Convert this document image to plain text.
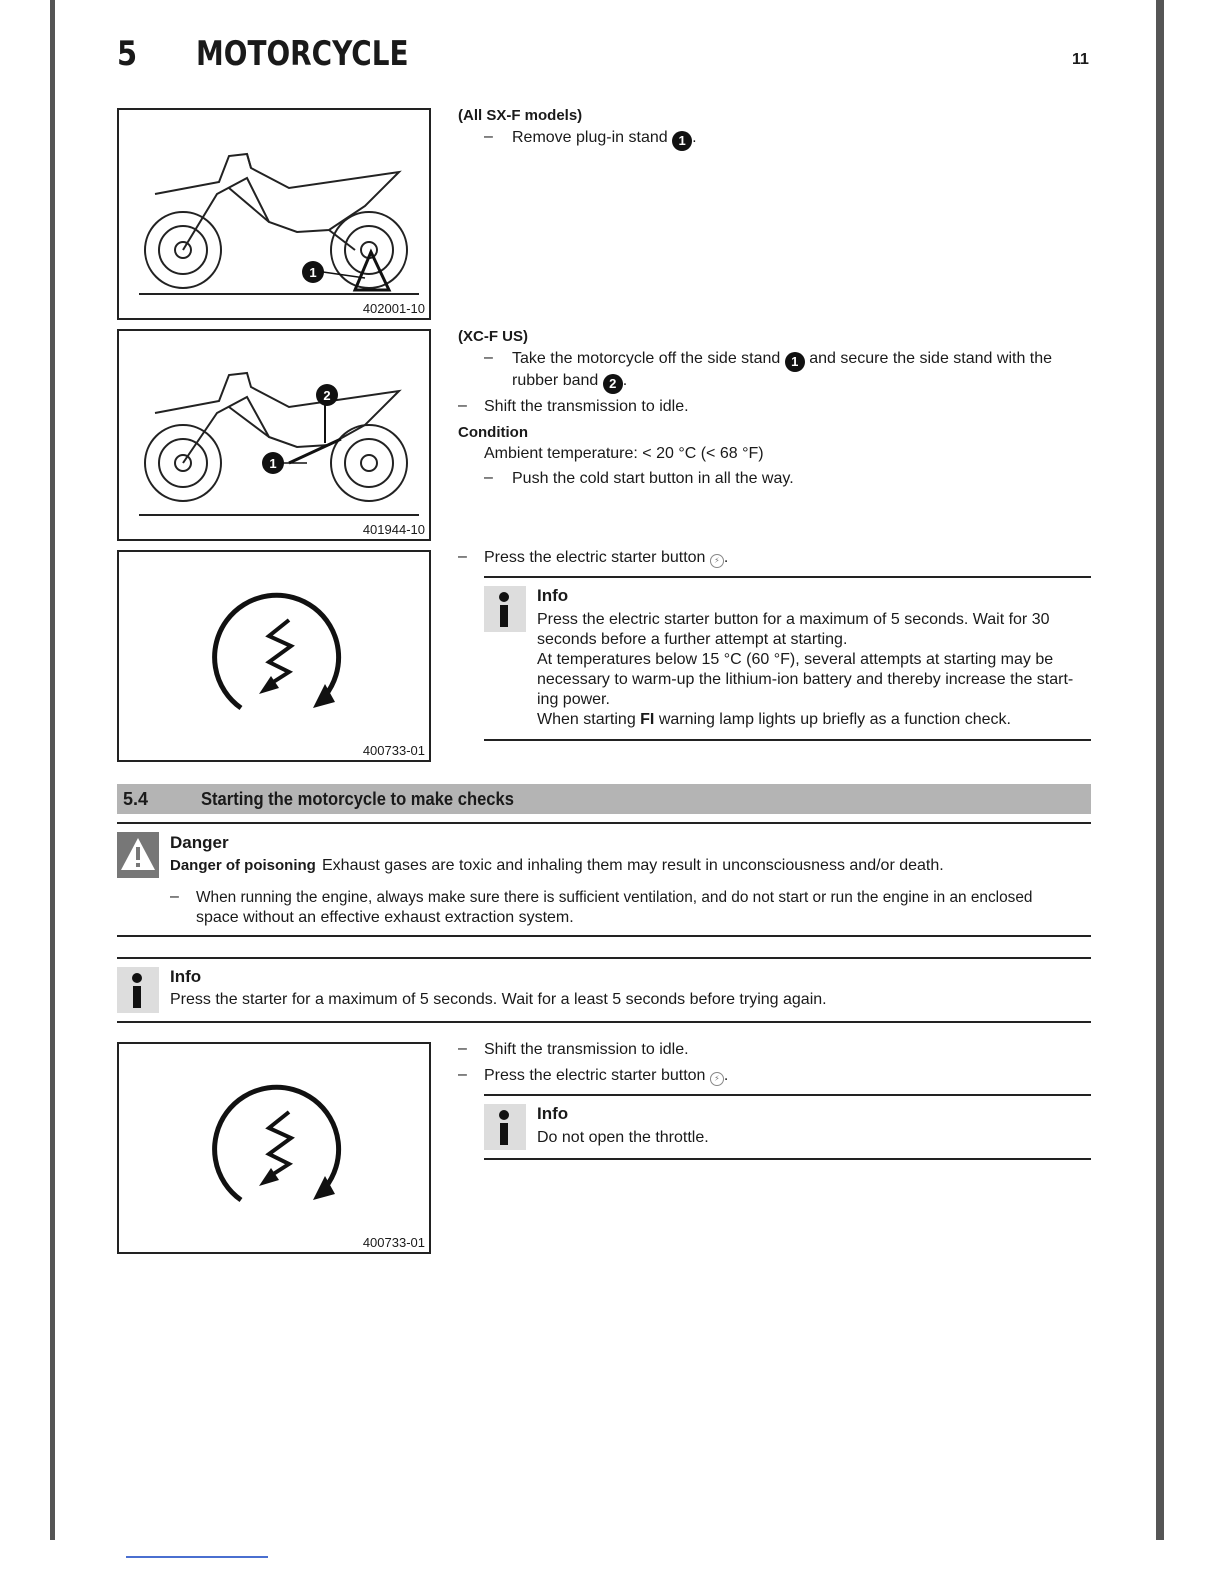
5 MOTORCYCLE	11
1
402001-10
2
1
401944-10
400733-01
(All SX-F models)
– Remove plug-in stand 1 .
(XC-F US)
– Take the motorcycle off the side stand 1 and secure the side stand with the
rubber band 2 .
– Shift the transmission to idle.
Condition
Ambient temperature: < 20 °C (< 68 °F)
– Push the cold start button in all the way.
– Press the electric starter button ⚡ .
Info
Press the electric starter button for a maximum of 5 seconds. Wait for 30
seconds before a further attempt at starting.
At temperatures below 15 °C (60 °F), several attempts at starting may be
necessary to warm-up the lithium-ion battery and thereby increase the start-
ing power.
When starting FI warning lamp lights up briefly as a function check.
5.4	Starting the motorcycle to make checks
Danger
Danger of poisoning Exhaust gases are toxic and inhaling them may result in unconsciousness and/or death.
– When running the engine, always make sure there is sufficient ventilation, and do not start or run the engine in an enclosed
space without an effective exhaust extraction system.
Info
Press the starter for a maximum of 5 seconds. Wait for a least 5 seconds before trying again.
400733-01
– Shift the transmission to idle.
– Press the electric starter button ⚡ .
Info
Do not open the throttle.
